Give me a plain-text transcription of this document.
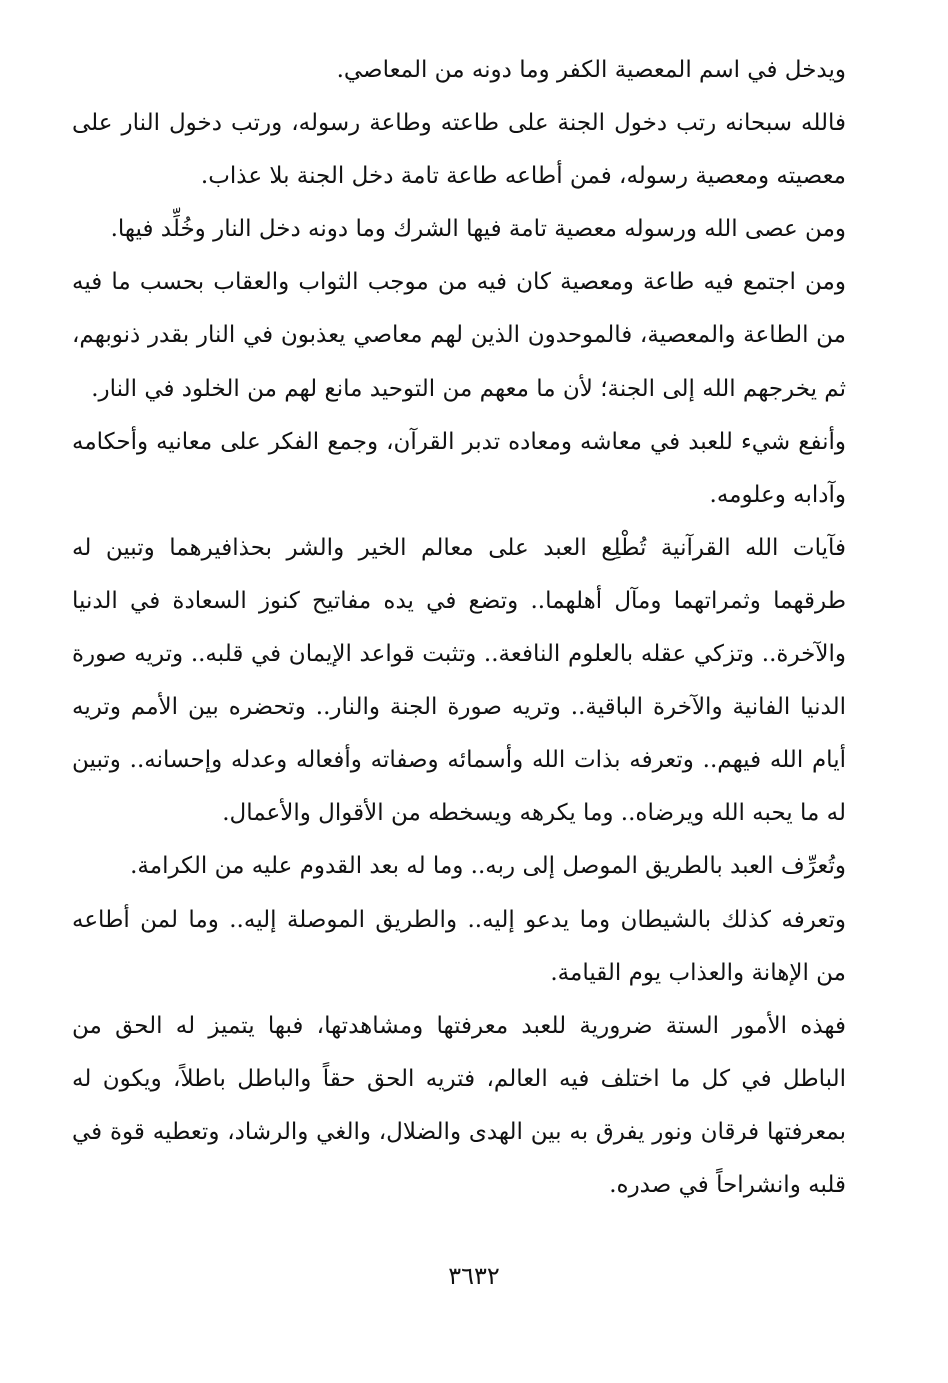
ويدخل في اسم المعصية الكفر وما دونه من المعاصي.

فالله سبحانه رتب دخول الجنة على طاعته وطاعة رسوله، ورتب دخول النار على معصيته ومعصية رسوله، فمن أطاعه طاعة تامة دخل الجنة بلا عذاب.

ومن عصى الله ورسوله معصية تامة فيها الشرك وما دونه دخل النار وخُلِّد فيها.

ومن اجتمع فيه طاعة ومعصية كان فيه من موجب الثواب والعقاب بحسب ما فيه من الطاعة والمعصية، فالموحدون الذين لهم معاصي يعذبون في النار بقدر ذنوبهم، ثم يخرجهم الله إلى الجنة؛ لأن ما معهم من التوحيد مانع لهم من الخلود في النار.

وأنفع شيء للعبد في معاشه ومعاده تدبر القرآن، وجمع الفكر على معانيه وأحكامه وآدابه وعلومه.

فآيات الله القرآنية تُطْلِع العبد على معالم الخير والشر بحذافيرهما وتبين له طرقهما وثمراتهما ومآل أهلهما.. وتضع في يده مفاتيح كنوز السعادة في الدنيا والآخرة.. وتزكي عقله بالعلوم النافعة.. وتثبت قواعد الإيمان في قلبه.. وتريه صورة الدنيا الفانية والآخرة الباقية.. وتريه صورة الجنة والنار.. وتحضره بين الأمم وتريه أيام الله فيهم.. وتعرفه بذات الله وأسمائه وصفاته وأفعاله وعدله وإحسانه.. وتبين له ما يحبه الله ويرضاه.. وما يكرهه ويسخطه من الأقوال والأعمال.

وتُعرِّف العبد بالطريق الموصل إلى ربه.. وما له بعد القدوم عليه من الكرامة.

وتعرفه كذلك بالشيطان وما يدعو إليه.. والطريق الموصلة إليه.. وما لمن أطاعه من الإهانة والعذاب يوم القيامة.

فهذه الأمور الستة ضرورية للعبد معرفتها ومشاهدتها، فبها يتميز له الحق من الباطل في كل ما اختلف فيه العالم، فتريه الحق حقاً والباطل باطلاً، ويكون له بمعرفتها فرقان ونور يفرق به بين الهدى والضلال، والغي والرشاد، وتعطيه قوة في قلبه وانشراحاً في صدره.

٣٦٣٢
